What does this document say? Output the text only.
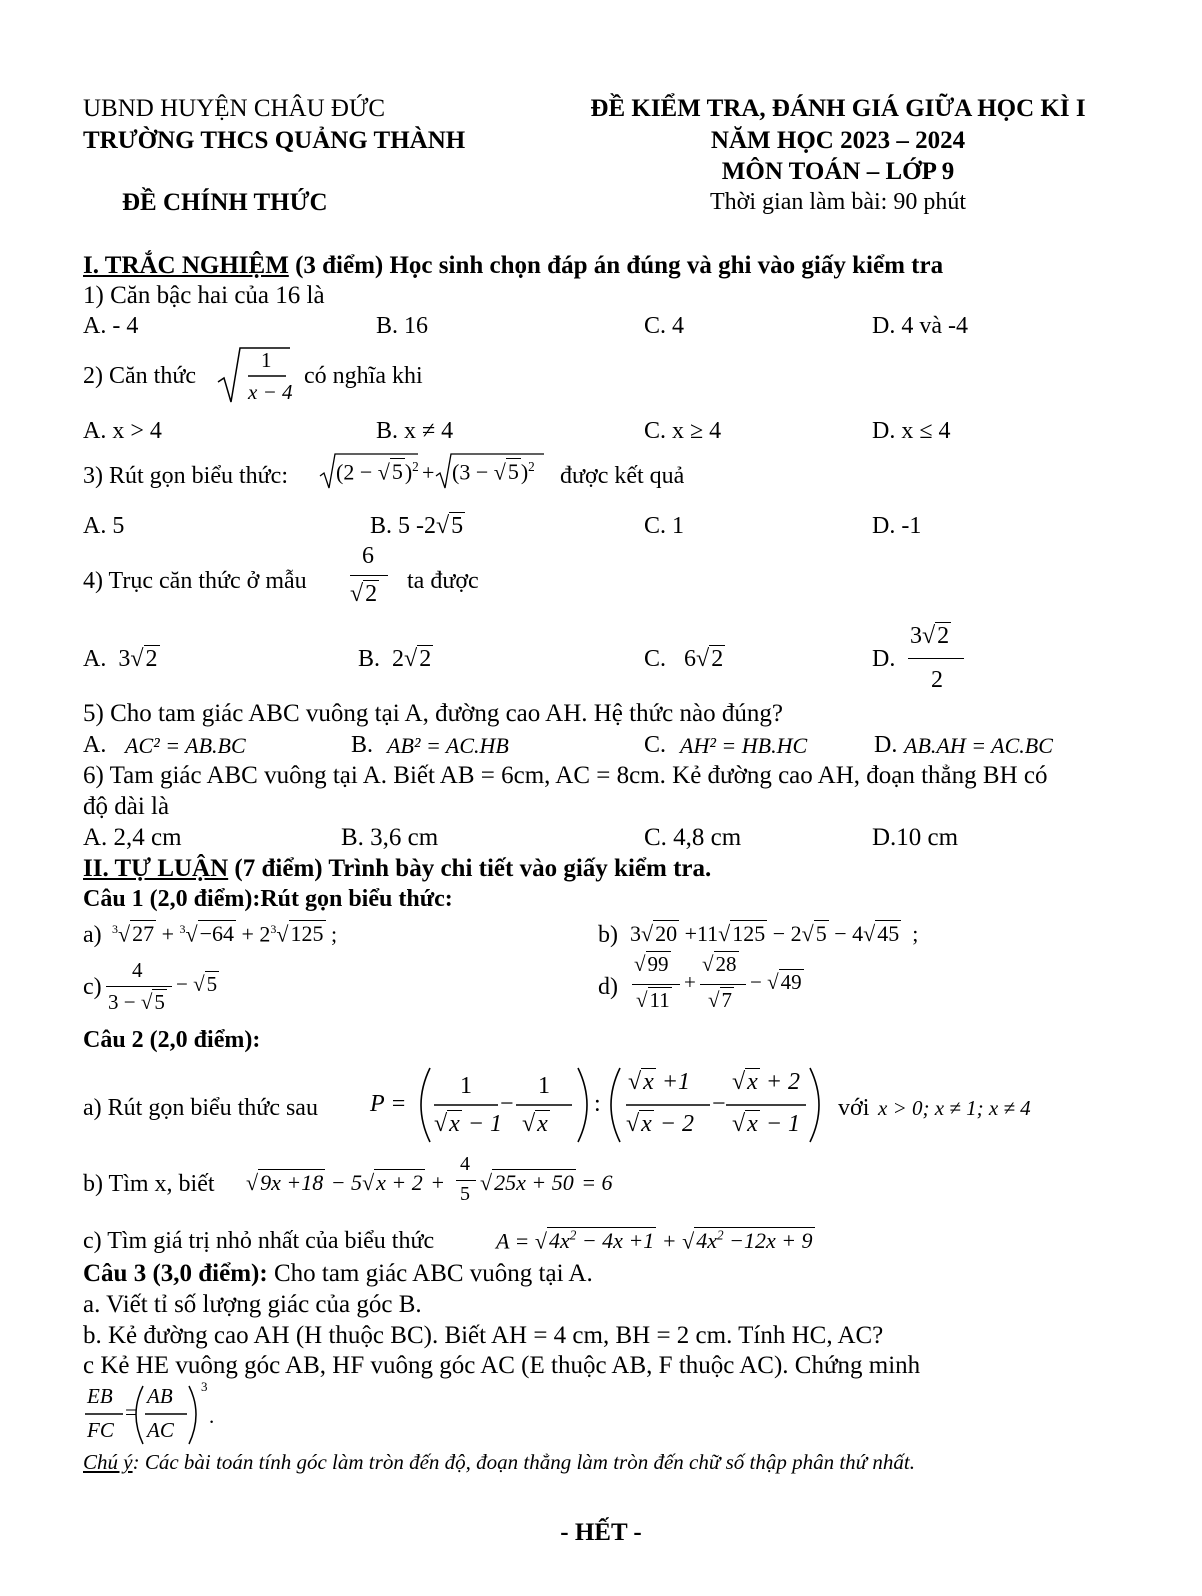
UBND HUYỆN CHÂU ĐỨC
TRƯỜNG THCS QUẢNG THÀNH
ĐỀ CHÍNH THỨC
ĐỀ KIỂM TRA, ĐÁNH GIÁ GIỮA HỌC KÌ I
NĂM HỌC 2023 – 2024
MÔN TOÁN – LỚP 9
Thời gian làm bài: 90 phút
I. TRẮC NGHIỆM (3 điểm) Học sinh chọn đáp án đúng và ghi vào giấy kiểm tra
1) Căn bậc hai của 16 là
A. - 4	B. 16	C. 4	D. 4 và -4
2) Căn thức
1
x − 4
có nghĩa khi
A. x > 4	B. x ≠ 4	C. x ≥ 4	D. x ≤ 4
3) Rút gọn biểu thức: $(2 - √5)^2 + (3 - √5)^2$ được kết quả
A. 5	B. 5 -2√5	C. 1	D. -1
4) Trục căn thức ở mẫu
6
√2 ta được
A. 3√2	B. 2√2	C. 6√2	D.
3√2
2
5) Cho tam giác ABC vuông tại A, đường cao AH. Hệ thức nào đúng?
A. AC² = AB.BC	B. AB² = AC.HB	C. AH² = HB.HC	D. AB.AH = AC.BC
6) Tam giác ABC vuông tại A. Biết AB = 6cm, AC = 8cm. Kẻ đường cao AH, đoạn thẳng BH có
độ dài là
A. 2,4 cm	B. 3,6 cm	C. 4,8 cm	D.10 cm
II. TỰ LUẬN (7 điểm) Trình bày chi tiết vào giấy kiểm tra.
Câu 1 (2,0 điểm):Rút gọn biểu thức:
a) $^3√27 + ^3√-64 + 2^3√125$ ;	b) 3√20 +11√125 − 2√5 − 4√45  ;
c)
4
3 − √5
− √5	d)
√99
√11
+
√28
√7
− √49
Câu 2 (2,0 điểm):
a) Rút gọn biểu thức sau P =
1
√x − 1
−
1
√x
:
√x +1
√x − 2
−
√x + 2
√x − 1
với x > 0; x ≠ 1; x ≠ 4
b) Tìm x, biết √9x +18 − 5√x + 2 +
4
5 √25x + 50 = 6
c) Tìm giá trị nhỏ nhất của biểu thức	$A = √4x^2 - 4x +1 + √4x^2 -12x + 9$
Câu 3 (3,0 điểm): Cho tam giác ABC vuông tại A.
a. Viết tỉ số lượng giác của góc B.
b. Kẻ đường cao AH (H thuộc BC). Biết AH = 4 cm, BH = 2 cm. Tính HC, AC?
c Kẻ HE vuông góc AB, HF vuông góc AC (E thuộc AB, F thuộc AC). Chứng minh
EB
FC
=
AB
AC
3
.
Chú ý: Các bài toán tính góc làm tròn đến độ, đoạn thẳng làm tròn đến chữ số thập phân thứ nhất.
- HẾT -
